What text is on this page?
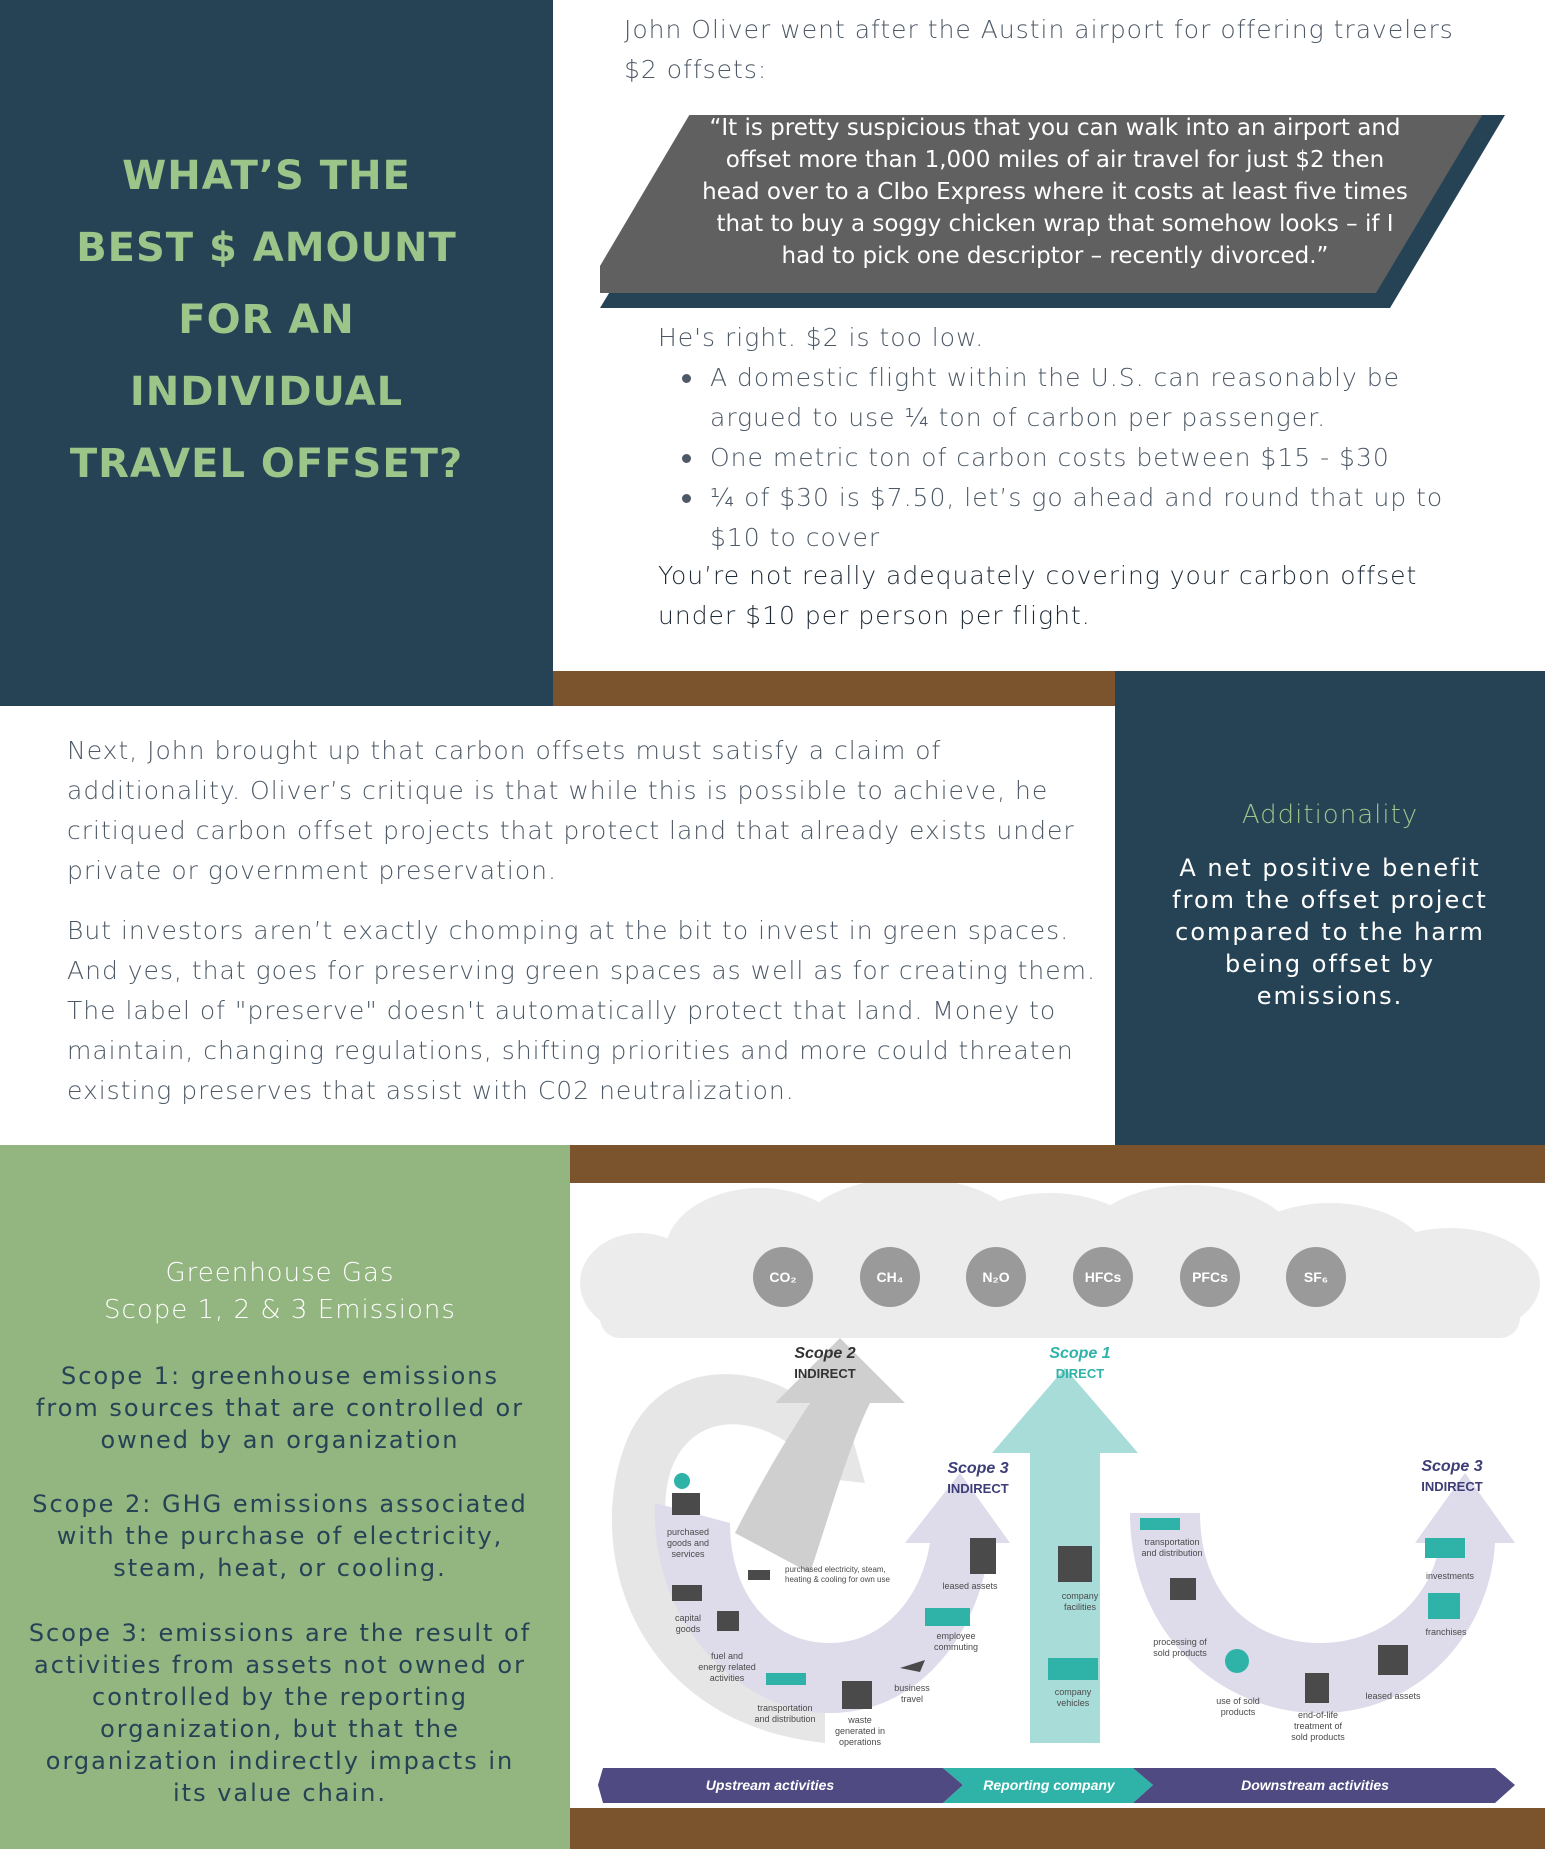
WHAT’S THE
BEST $ AMOUNT
FOR AN
INDIVIDUAL
TRAVEL OFFSET?

John Oliver went after the Austin airport for offering travelers $2 offsets:

“It is pretty suspicious that you can walk into an airport and offset more than 1,000 miles of air travel for just $2 then head over to a CIbo Express where it costs at least five times that to buy a soggy chicken wrap that somehow looks – if I had to pick one descriptor – recently divorced.”

He's right. $2 is too low.

A domestic flight within the U.S. can reasonably be argued to use ¼ ton of carbon per passenger.
One metric ton of carbon costs between $15 - $30
¼ of $30 is $7.50, let’s go ahead and round that up to $10 to cover

You’re not really adequately covering your carbon offset under $10 per person per flight.

Next, John brought up that carbon offsets must satisfy a claim of additionality. Oliver’s critique is that while this is possible to achieve, he critiqued carbon offset projects that protect land that already exists under private or government preservation.

But investors aren’t exactly chomping at the bit to invest in green spaces. And yes, that goes for preserving green spaces as well as for creating them. The label of "preserve" doesn't automatically protect that land. Money to maintain, changing regulations, shifting priorities and more could threaten existing preserves that assist with C02 neutralization.

Additionality

A net positive benefit from the offset project compared to the harm being offset by emissions.

Greenhouse Gas
Scope 1, 2 & 3 Emissions

Scope 1: greenhouse emissions from sources that are controlled or owned by an organization

Scope 2: GHG emissions associated with the purchase of electricity, steam, heat, or cooling.

Scope 3: emissions are the result of activities from assets not owned or controlled by the reporting organization, but that the organization indirectly impacts in its value chain.

CO₂	CH₄	N₂O	HFCs	PFCs	SF₆
Scope 2
INDIRECT
Scope 1
DIRECT
Scope 3
INDIRECT
Scope 3
INDIRECT
purchased
goods and
services
capital
goods
fuel and
energy related
activities
transportation
and distribution	waste
generated in
operations
business
travel
employee
commuting
leased assets
purchased electricity, steam,
heating & cooling for own use
company
facilities
company
vehicles
transportation
and distribution
processing of
sold products
use of sold
products	end-of-life
treatment of
sold products
leased assets
franchises
investments
Upstream activities	Reporting company	Downstream activities
